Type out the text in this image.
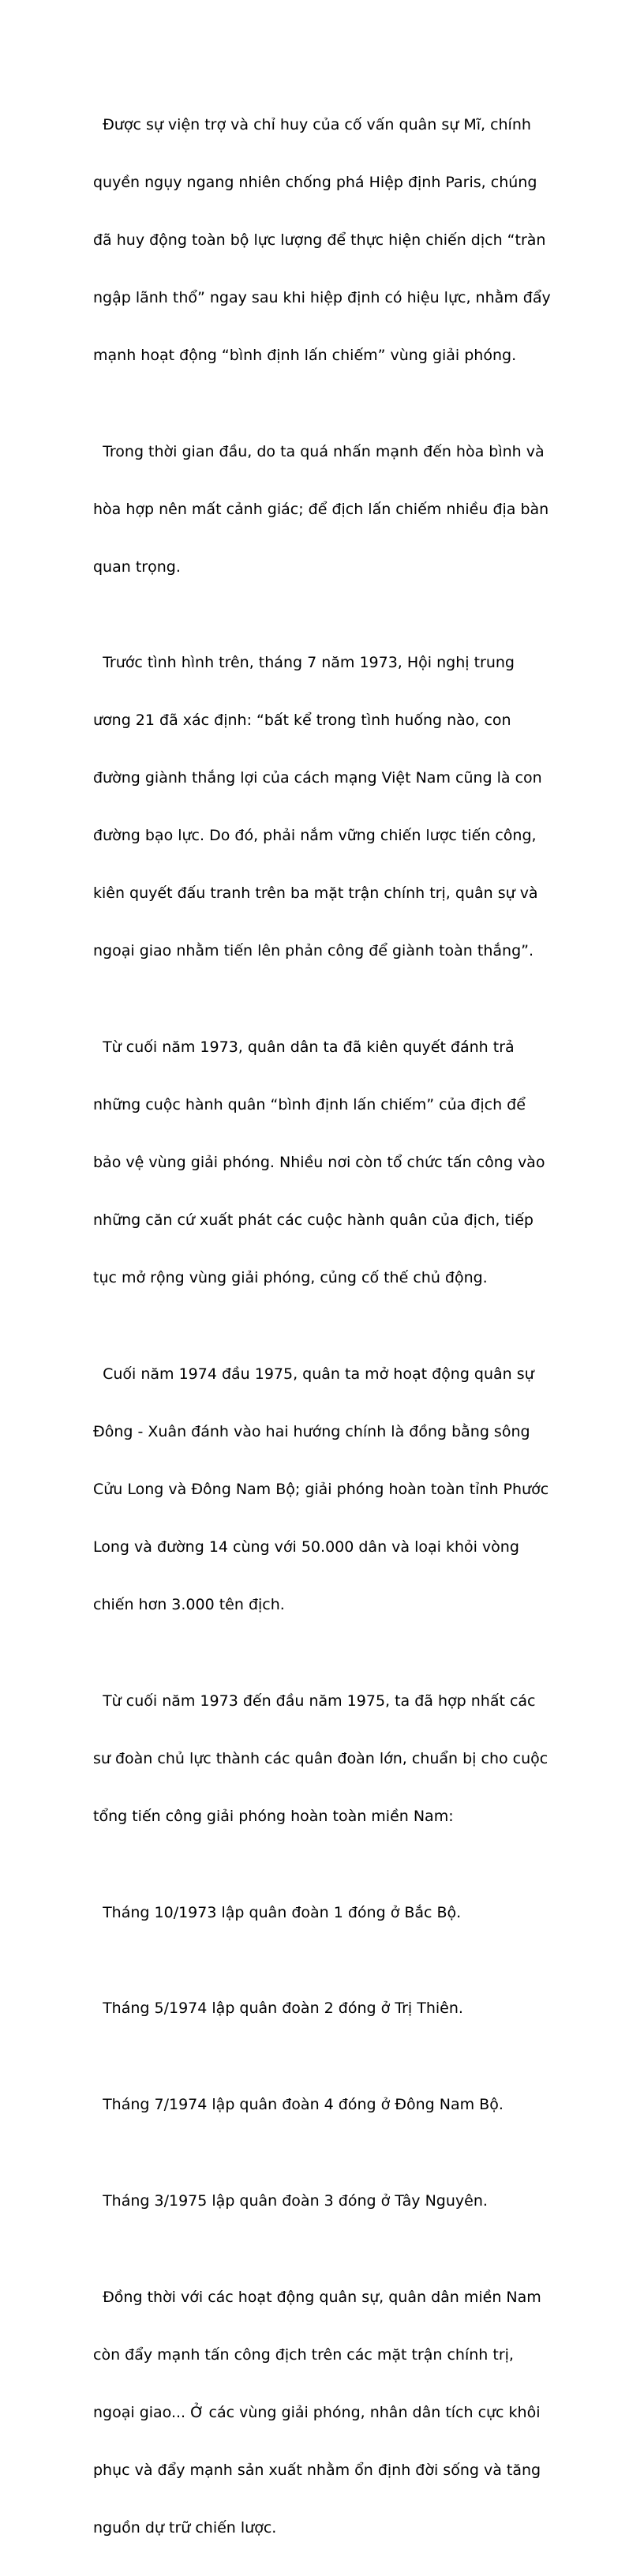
Được sự viện trợ và chỉ huy của cố vấn quân sự Mĩ, chính

quyền ngụy ngang nhiên chống phá Hiệp định Paris, chúng

đã huy động toàn bộ lực lượng để thực hiện chiến dịch “tràn

ngập lãnh thổ” ngay sau khi hiệp định có hiệu lực, nhằm đẩy

mạnh hoạt động “bình định lấn chiếm” vùng giải phóng.

Trong thời gian đầu, do ta quá nhấn mạnh đến hòa bình và

hòa hợp nên mất cảnh giác; để địch lấn chiếm nhiều địa bàn

quan trọng.

Trước tình hình trên, tháng 7 năm 1973, Hội nghị trung

ương 21 đã xác định: “bất kể trong tình huống nào, con

đường giành thắng lợi của cách mạng Việt Nam cũng là con

đường bạo lực. Do đó, phải nắm vững chiến lược tiến công,

kiên quyết đấu tranh trên ba mặt trận chính trị, quân sự và

ngoại giao nhằm tiến lên phản công để giành toàn thắng”.

Từ cuối năm 1973, quân dân ta đã kiên quyết đánh trả

những cuộc hành quân “bình định lấn chiếm” của địch để

bảo vệ vùng giải phóng. Nhiều nơi còn tổ chức tấn công vào

những căn cứ xuất phát các cuộc hành quân của địch, tiếp

tục mở rộng vùng giải phóng, củng cố thế chủ động.

Cuối năm 1974 đầu 1975, quân ta mở hoạt động quân sự

Đông - Xuân đánh vào hai hướng chính là đồng bằng sông

Cửu Long và Đông Nam Bộ; giải phóng hoàn toàn tỉnh Phước

Long và đường 14 cùng với 50.000 dân và loại khỏi vòng

chiến hơn 3.000 tên địch.

Từ cuối năm 1973 đến đầu năm 1975, ta đã hợp nhất các

sư đoàn chủ lực thành các quân đoàn lớn, chuẩn bị cho cuộc

tổng tiến công giải phóng hoàn toàn miền Nam:

Tháng 10/1973 lập quân đoàn 1 đóng ở Bắc Bộ.

Tháng 5/1974 lập quân đoàn 2 đóng ở Trị Thiên.

Tháng 7/1974 lập quân đoàn 4 đóng ở Đông Nam Bộ.

Tháng 3/1975 lập quân đoàn 3 đóng ở Tây Nguyên.

Đồng thời với các hoạt động quân sự, quân dân miền Nam

còn đẩy mạnh tấn công địch trên các mặt trận chính trị,

ngoại giao... Ở các vùng giải phóng, nhân dân tích cực khôi

phục và đẩy mạnh sản xuất nhằm ổn định đời sống và tăng

nguồn dự trữ chiến lược.
